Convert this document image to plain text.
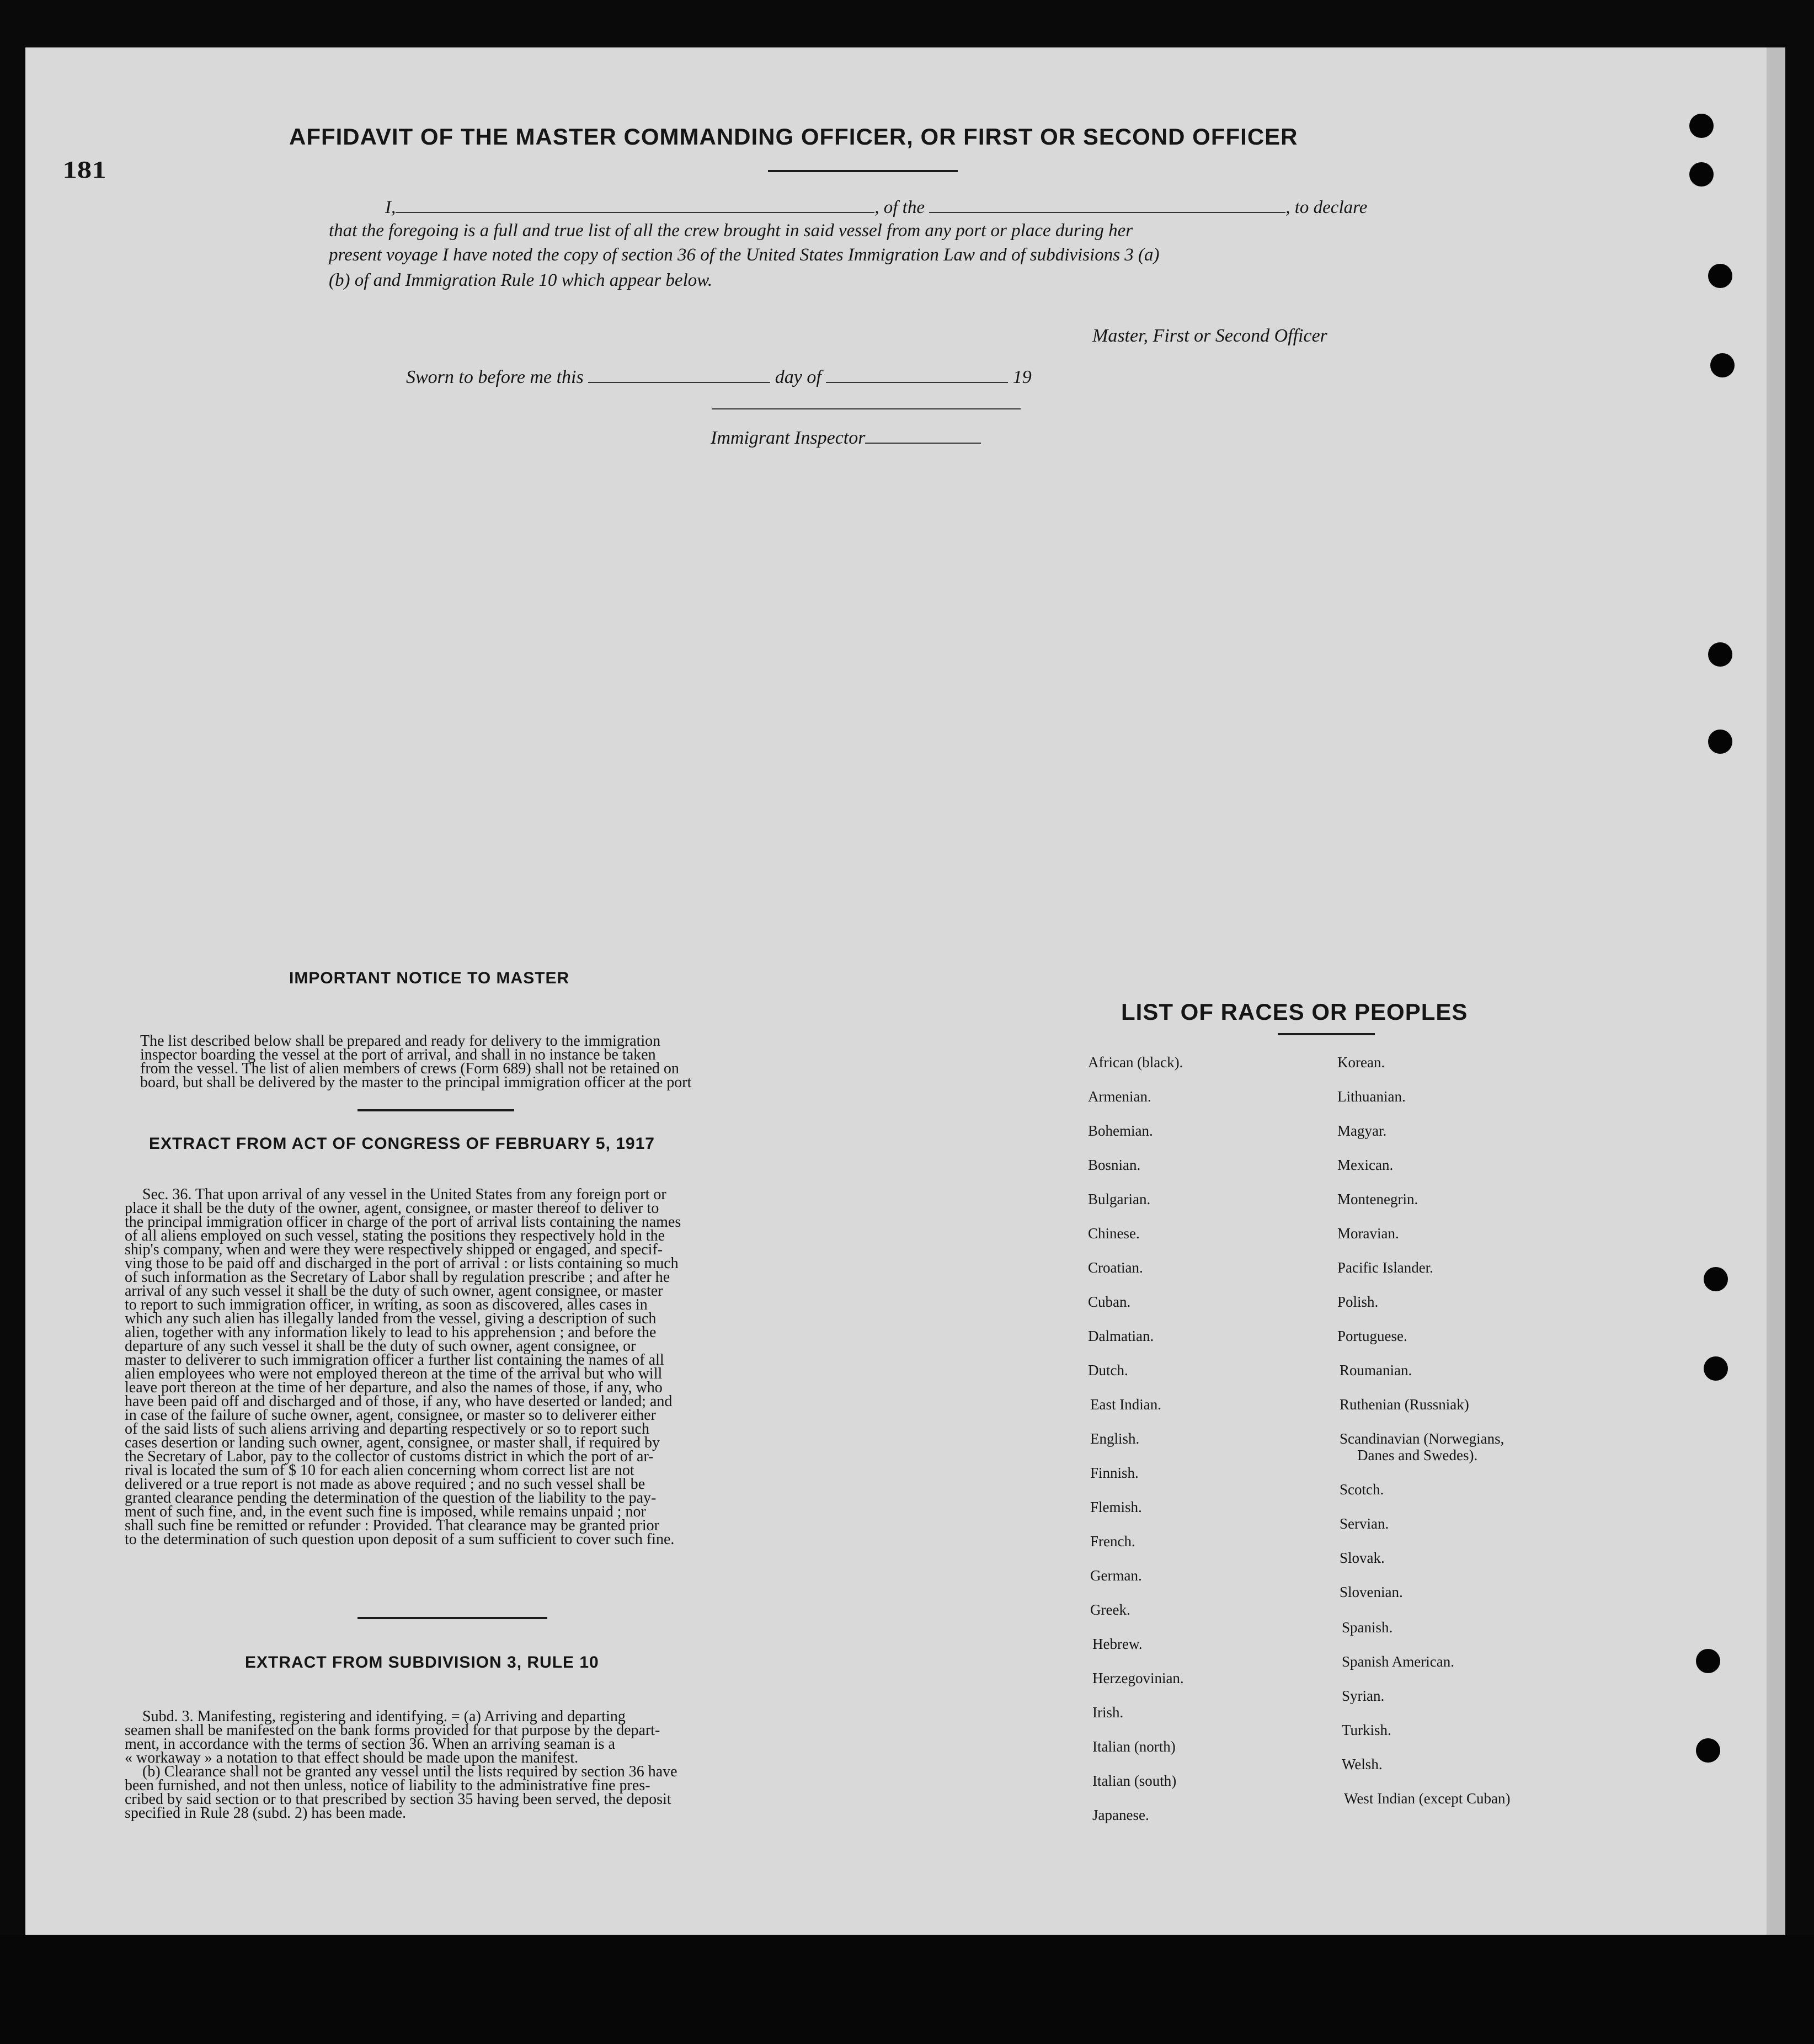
181
AFFIDAVIT OF THE MASTER COMMANDING OFFICER, OR FIRST OR SECOND OFFICER
I,	, of the	, to declare
that the foregoing is a full and true list of all the crew brought in said vessel from any port or place during her
present voyage I have noted the copy of section 36 of the United States Immigration Law and of subdivisions 3 (a)
(b) of and Immigration Rule 10 which appear below.
Master, First or Second Officer
Sworn to before me this	day of	19
Immigrant Inspector
IMPORTANT NOTICE TO MASTER
The list described below shall be prepared and ready for delivery to the immigration
inspector boarding the vessel at the port of arrival, and shall in no instance be taken
from the vessel. The list of alien members of crews (Form 689) shall not be retained on
board, but shall be delivered by the master to the principal immigration officer at the port
EXTRACT FROM ACT OF CONGRESS OF FEBRUARY 5, 1917
Sec. 36. That upon arrival of any vessel in the United States from any foreign port or
place it shall be the duty of the owner, agent, consignee, or master thereof to deliver to
the principal immigration officer in charge of the port of arrival lists containing the names
of all aliens employed on such vessel, stating the positions they respectively hold in the
ship's company, when and were they were respectively shipped or engaged, and specif-
ving those to be paid off and discharged in the port of arrival : or lists containing so much
of such information as the Secretary of Labor shall by regulation prescribe ; and after he
arrival of any such vessel it shall be the duty of such owner, agent consignee, or master
to report to such immigration officer, in writing, as soon as discovered, alles cases in
which any such alien has illegally landed from the vessel, giving a description of such
alien, together with any information likely to lead to his apprehension ; and before the
departure of any such vessel it shall be the duty of such owner, agent consignee, or
master to deliverer to such immigration officer a further list containing the names of all
alien employees who were not employed thereon at the time of the arrival but who will
leave port thereon at the time of her departure, and also the names of those, if any, who
have been paid off and discharged and of those, if any, who have deserted or landed; and
in case of the failure of suche owner, agent, consignee, or master so to deliverer either
of the said lists of such aliens arriving and departing respectively or so to report such
cases desertion or landing such owner, agent, consignee, or master shall, if required by
the Secretary of Labor, pay to the collector of customs district in which the port of ar-
rival is located the sum of $ 10 for each alien concerning whom correct list are not
delivered or a true report is not made as above required ; and no such vessel shall be
granted clearance pending the determination of the question of the liability to the pay-
ment of such fine, and, in the event such fine is imposed, while remains unpaid ; nor
shall such fine be remitted or refunder : Provided. That clearance may be granted prior
to the determination of such question upon deposit of a sum sufficient to cover such fine.
EXTRACT FROM SUBDIVISION 3, RULE 10
Subd. 3. Manifesting, registering and identifying. = (a) Arriving and departing
seamen shall be manifested on the bank forms provided for that purpose by the depart-
ment, in accordance with the terms of section 36. When an arriving seaman is a
« workaway » a notation to that effect should be made upon the manifest.
(b) Clearance shall not be granted any vessel until the lists required by section 36 have
been furnished, and not then unless, notice of liability to the administrative fine pres-
cribed by said section or to that prescribed by section 35 having been served, the deposit
specified in Rule 28 (subd. 2) has been made.
LIST OF RACES OR PEOPLES
African (black).
Armenian.
Bohemian.
Bosnian.
Bulgarian.
Chinese.
Croatian.
Cuban.
Dalmatian.
Dutch.
East Indian.
English.
Finnish.
Flemish.
French.
German.
Greek.
Hebrew.
Herzegovinian.
Irish.
Italian (north)
Italian (south)
Japanese.
Korean.
Lithuanian.
Magyar.
Mexican.
Montenegrin.
Moravian.
Pacific Islander.
Polish.
Portuguese.
Roumanian.
Ruthenian (Russniak)
Scandinavian (Norwegians,
Danes and Swedes).
Scotch.
Servian.
Slovak.
Slovenian.
Spanish.
Spanish American.
Syrian.
Turkish.
Welsh.
West Indian (except Cuban)
